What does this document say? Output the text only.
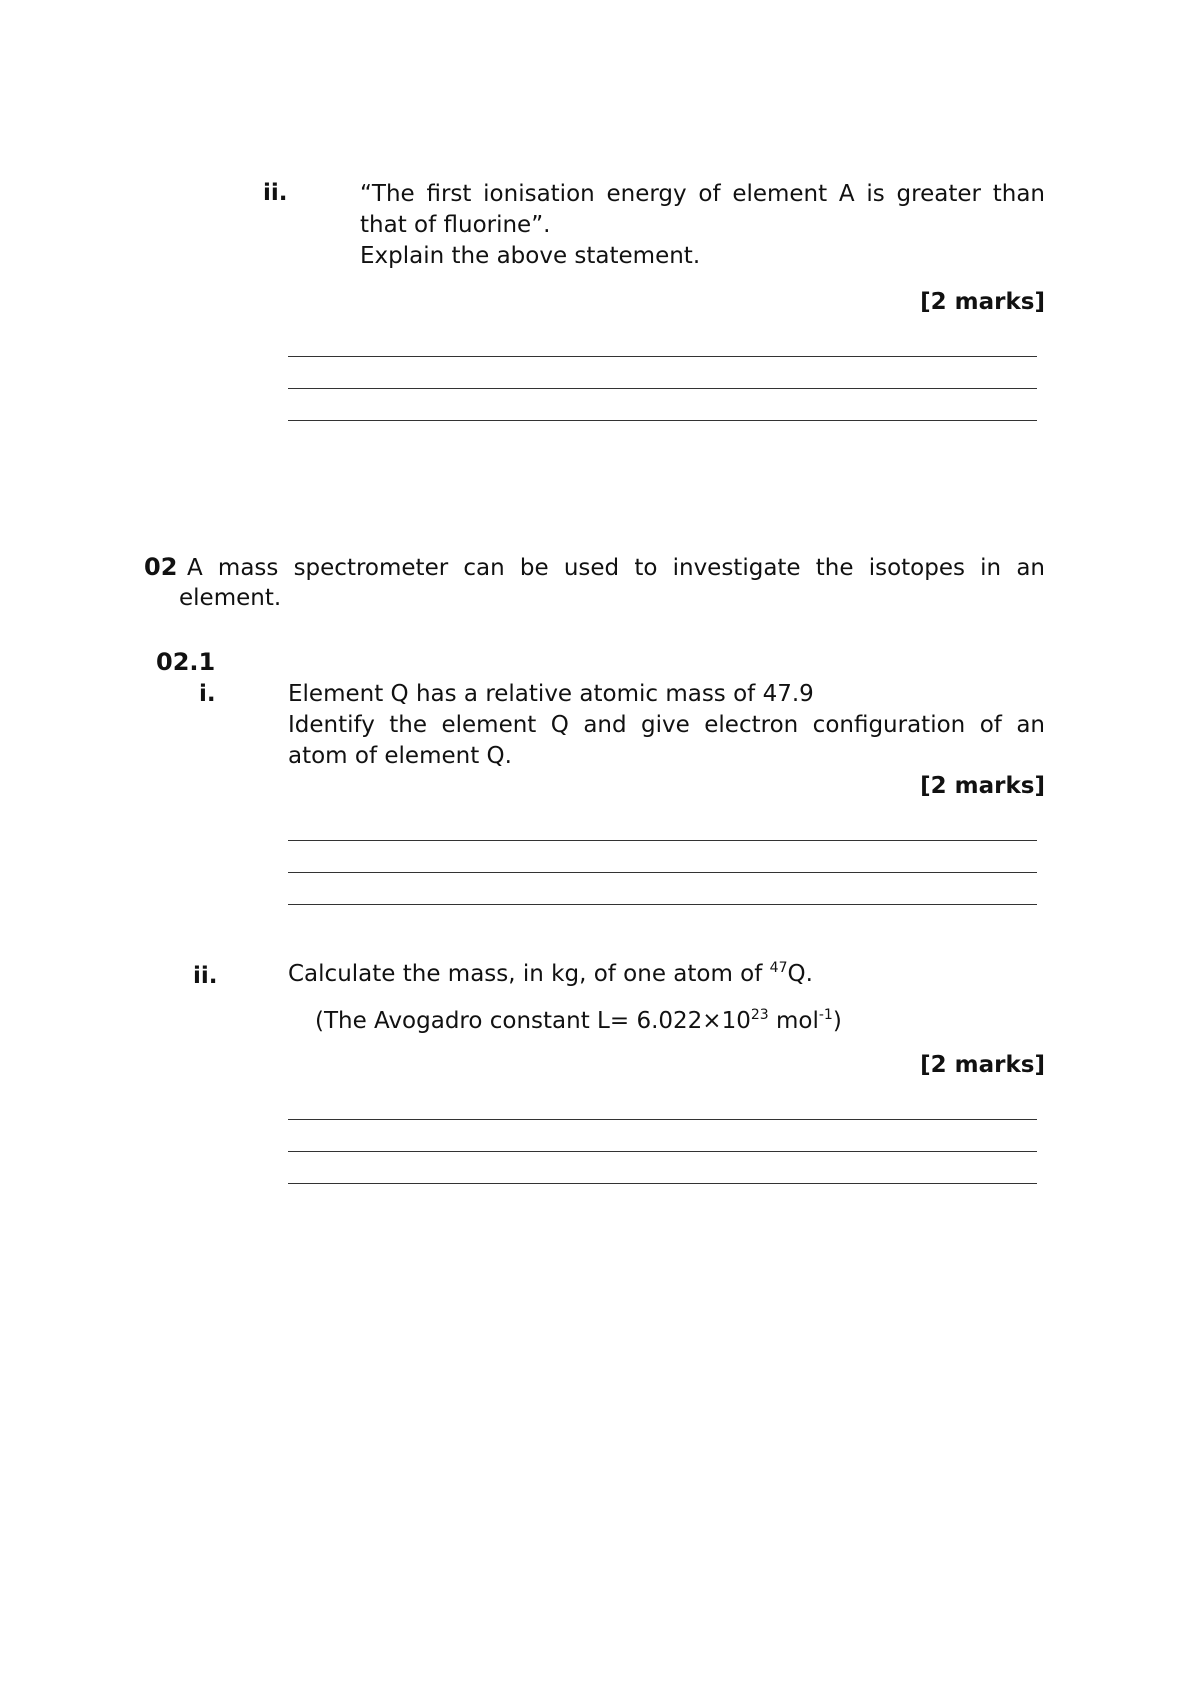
ii.	“The first ionisation energy of element A is greater than
that of fluorine”.
Explain the above statement.
[2 marks]
02 A mass spectrometer can be used to investigate the isotopes in an
element.
02.1
i.	Element Q has a relative atomic mass of 47.9
Identify the element Q and give electron configuration of an
atom of element Q.
[2 marks]
ii.	Calculate the mass, in kg, of one atom of $^{47}$Q.
(The Avogadro constant $L= 6.022\times 10^{23}$ mol$^{-1}$)
[2 marks]
